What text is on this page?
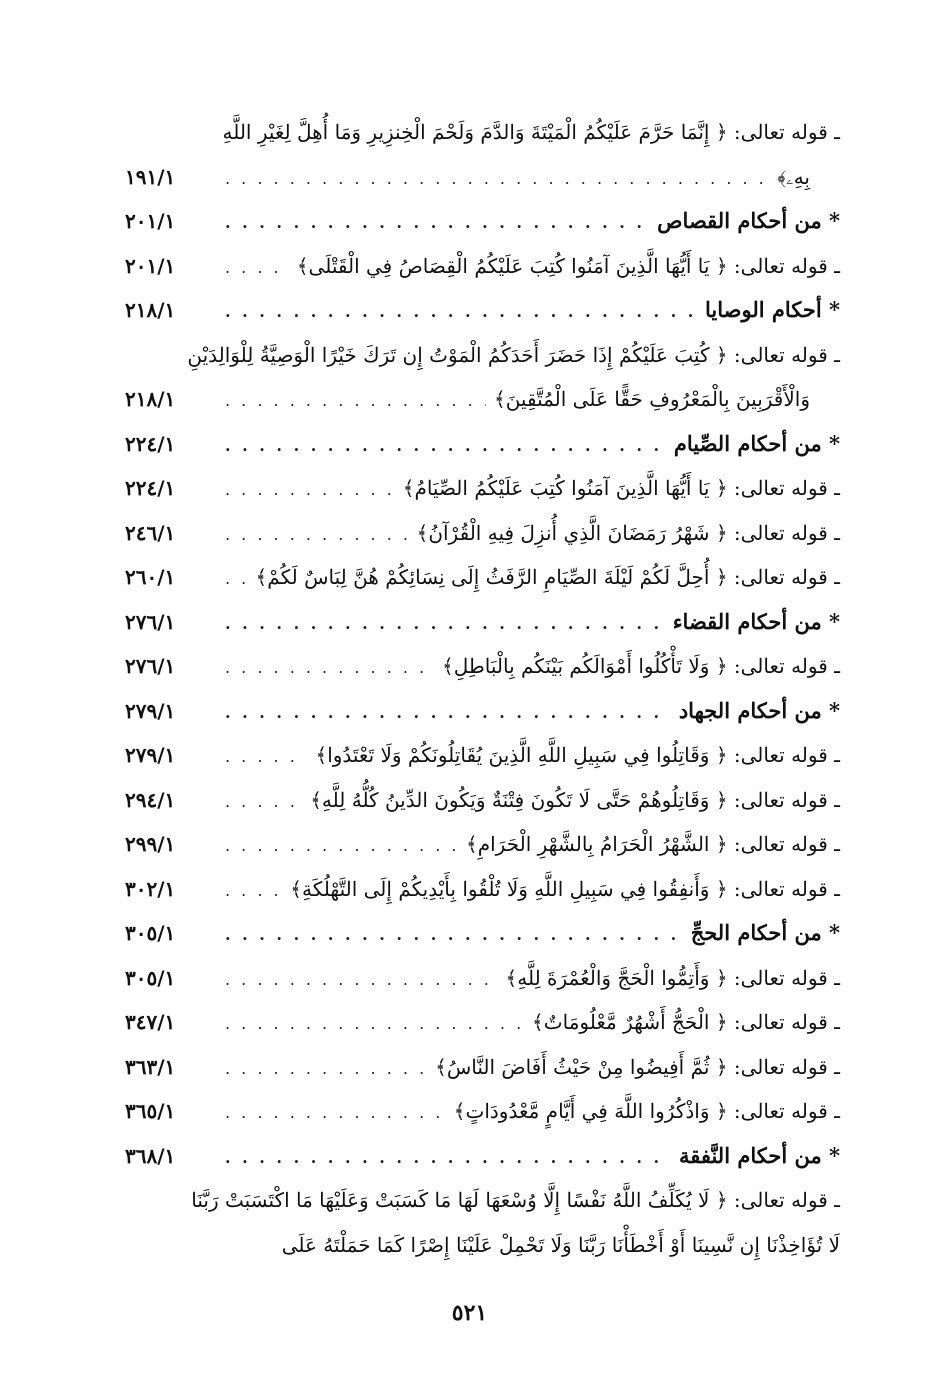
ـ قوله تعالى: ﴿ إِنَّمَا حَرَّمَ عَلَيْكُمُ الْمَيْتَةَ وَالدَّمَ وَلَحْمَ الْخِنزِيرِ وَمَا أُهِلَّ لِغَيْرِ اللَّهِ
بِهِۦ﴾
. . .
١٩١/١
* من أحكام القصاص
. . .
٢٠١/١
ـ قوله تعالى: ﴿ يَا أَيُّهَا الَّذِينَ آمَنُوا كُتِبَ عَلَيْكُمُ الْقِصَاصُ فِي الْقَتْلَى﴾
. . .
٢٠١/١
* أحكام الوصايا
. . .
٢١٨/١
ـ قوله تعالى: ﴿ كُتِبَ عَلَيْكُمْ إِذَا حَضَرَ أَحَدَكُمُ الْمَوْتُ إِن تَرَكَ خَيْرًا الْوَصِيَّةُ لِلْوَالِدَيْنِ
وَالْأَقْرَبِينَ بِالْمَعْرُوفِ حَقًّا عَلَى الْمُتَّقِينَ﴾
. . .
٢١٨/١
* من أحكام الصِّيام
. . .
٢٢٤/١
ـ قوله تعالى: ﴿ يَا أَيُّهَا الَّذِينَ آمَنُوا كُتِبَ عَلَيْكُمُ الصِّيَامُ﴾
. . .
٢٢٤/١
ـ قوله تعالى: ﴿ شَهْرُ رَمَضَانَ الَّذِي أُنزِلَ فِيهِ الْقُرْآنُ﴾
. . .
٢٤٦/١
ـ قوله تعالى: ﴿ أُحِلَّ لَكُمْ لَيْلَةَ الصِّيَامِ الرَّفَثُ إِلَى نِسَائِكُمْ هُنَّ لِبَاسٌ لَكُمْ﴾
. . .
٢٦٠/١
* من أحكام القضاء
. . .
٢٧٦/١
ـ قوله تعالى: ﴿ وَلَا تَأْكُلُوا أَمْوَالَكُم بَيْنَكُم بِالْبَاطِلِ﴾
. . .
٢٧٦/١
* من أحكام الجهاد
. . .
٢٧٩/١
ـ قوله تعالى: ﴿ وَقَاتِلُوا فِي سَبِيلِ اللَّهِ الَّذِينَ يُقَاتِلُونَكُمْ وَلَا تَعْتَدُوا﴾
. . .
٢٧٩/١
ـ قوله تعالى: ﴿ وَقَاتِلُوهُمْ حَتَّى لَا تَكُونَ فِتْنَةٌ وَيَكُونَ الدِّينُ كُلُّهُ لِلَّهِ﴾
. . .
٢٩٤/١
ـ قوله تعالى: ﴿ الشَّهْرُ الْحَرَامُ بِالشَّهْرِ الْحَرَامِ﴾
. . .
٢٩٩/١
ـ قوله تعالى: ﴿ وَأَنفِقُوا فِي سَبِيلِ اللَّهِ وَلَا تُلْقُوا بِأَيْدِيكُمْ إِلَى التَّهْلُكَةِ﴾
. . .
٣٠٢/١
* من أحكام الحجِّ
. . .
٣٠٥/١
ـ قوله تعالى: ﴿ وَأَتِمُّوا الْحَجَّ وَالْعُمْرَةَ لِلَّهِ﴾
. . .
٣٠٥/١
ـ قوله تعالى: ﴿ الْحَجُّ أَشْهُرٌ مَّعْلُومَاتٌ﴾
. . .
٣٤٧/١
ـ قوله تعالى: ﴿ ثُمَّ أَفِيضُوا مِنْ حَيْثُ أَفَاضَ النَّاسُ﴾
. . .
٣٦٣/١
ـ قوله تعالى: ﴿ وَاذْكُرُوا اللَّهَ فِي أَيَّامٍ مَّعْدُودَاتٍ﴾
. . .
٣٦٥/١
* من أحكام النَّفقة
. . .
٣٦٨/١
ـ قوله تعالى: ﴿ لَا يُكَلِّفُ اللَّهُ نَفْسًا إِلَّا وُسْعَهَا لَهَا مَا كَسَبَتْ وَعَلَيْهَا مَا اكْتَسَبَتْ رَبَّنَا
لَا تُؤَاخِذْنَا إِن نَّسِينَا أَوْ أَخْطَأْنَا رَبَّنَا وَلَا تَحْمِلْ عَلَيْنَا إِصْرًا كَمَا حَمَلْتَهُ عَلَى
٥٢١
